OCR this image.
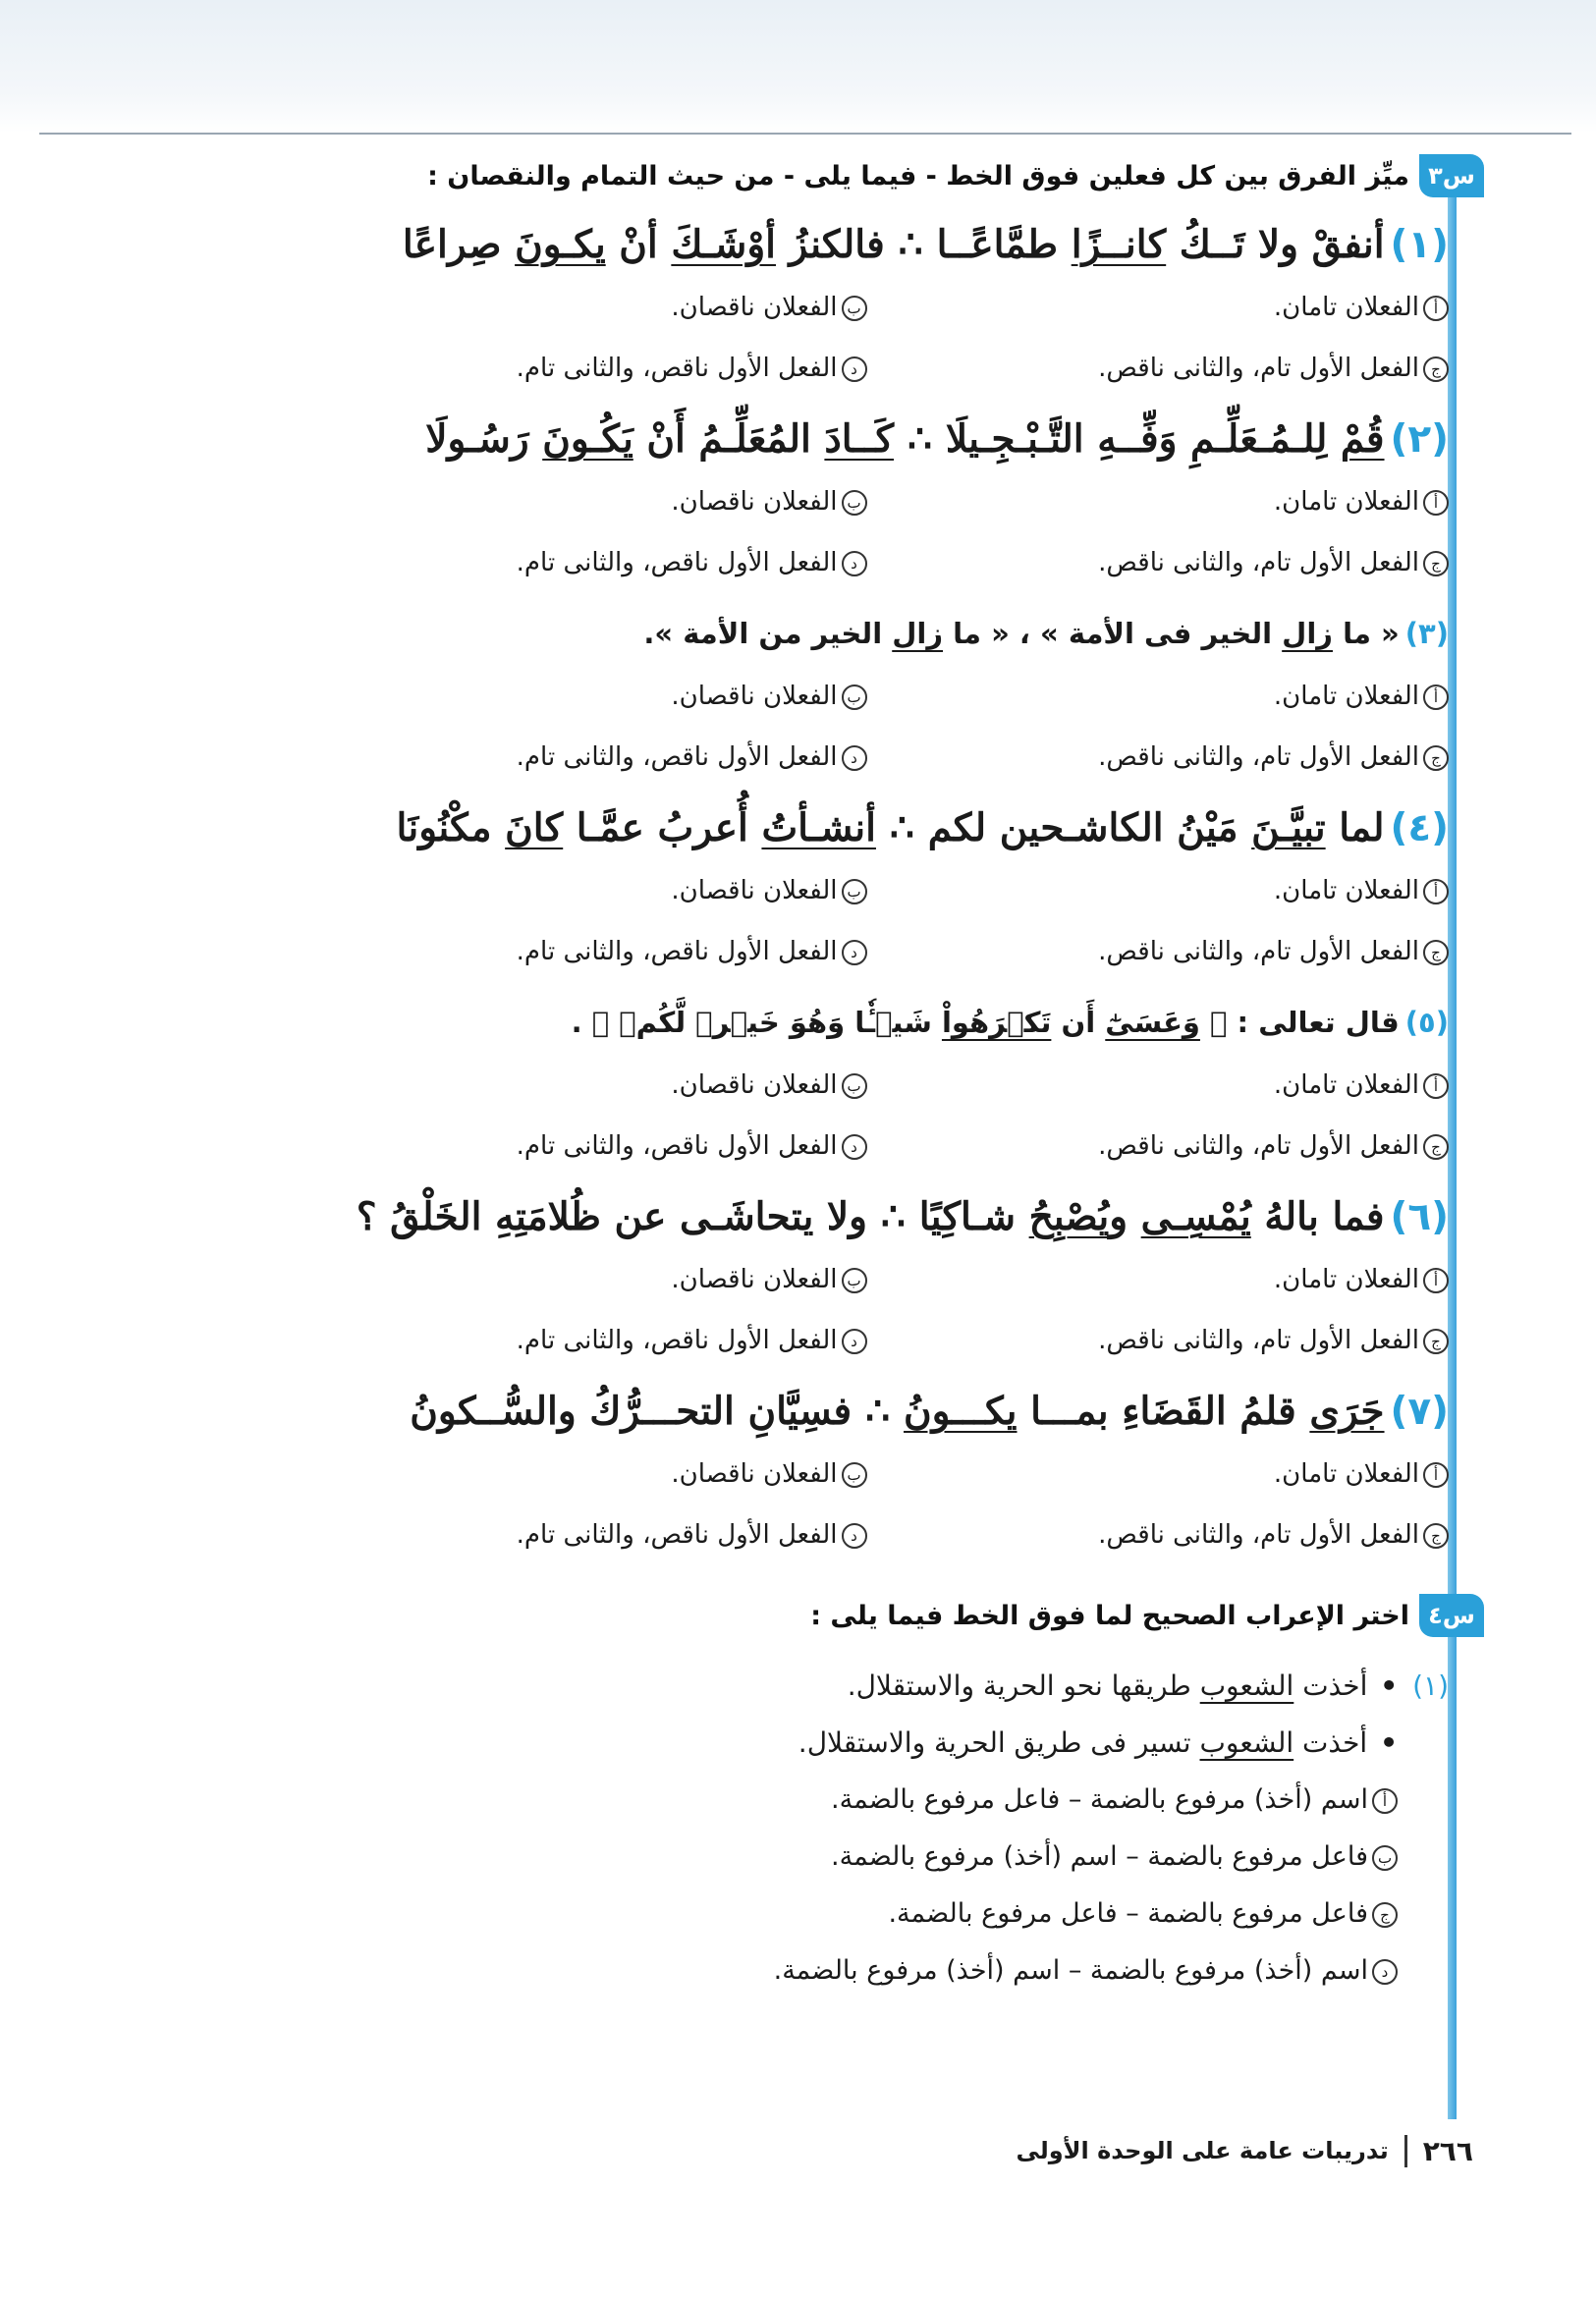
س٣
ميِّز الفرق بين كل فعلين فوق الخط - فيما يلى - من حيث التمام والنقصان :
(١)أنفقْ ولا تَــكُ كانــزًا طمَّاعًــا∴فالكنزُ أوْشَـكَ أنْ يكـونَ صِراعًا
أالفعلان تامان.
بالفعلان ناقصان.
جالفعل الأول تام، والثانى ناقص.
دالفعل الأول ناقص، والثانى تام.
(٢)قُمْ لِلـمُـعَلِّـمِ وَفِّــهِ التَّـبْـجِـيلَا∴كَــادَ المُعَلِّـمُ أَنْ يَكُـونَ رَسُـولَا
أالفعلان تامان.
بالفعلان ناقصان.
جالفعل الأول تام، والثانى ناقص.
دالفعل الأول ناقص، والثانى تام.
(٣)« ما زال الخير فى الأمة » ، « ما زال الخير من الأمة ».
أالفعلان تامان.
بالفعلان ناقصان.
جالفعل الأول تام، والثانى ناقص.
دالفعل الأول ناقص، والثانى تام.
(٤)لما تبيَّـنَ مَيْنُ الكاشـحين لكم∴أنشـأتُ أُعربُ عمَّـا كانَ مكْنُونَا
أالفعلان تامان.
بالفعلان ناقصان.
جالفعل الأول تام، والثانى ناقص.
دالفعل الأول ناقص، والثانى تام.
(٥)قال تعالى : ﴿ وَعَسَىٰٓ أَن تَكۡرَهُواْ شَيۡـٔٗا وَهُوَ خَيۡرٞ لَّكُمۡ ﴾ .
أالفعلان تامان.
بالفعلان ناقصان.
جالفعل الأول تام، والثانى ناقص.
دالفعل الأول ناقص، والثانى تام.
(٦)فما بالهُ يُمْسِـى ويُصْبِحُ شـاكِيًا∴ولا يتحاشَـى عن ظُلامَتِهِ الخَلْقُ ؟
أالفعلان تامان.
بالفعلان ناقصان.
جالفعل الأول تام، والثانى ناقص.
دالفعل الأول ناقص، والثانى تام.
(٧)جَرَى قلمُ القَضَاءِ بمـــا يكـــونُ∴فسِيَّانِ التحـــرُّكُ والسُّــكونُ
أالفعلان تامان.
بالفعلان ناقصان.
جالفعل الأول تام، والثانى ناقص.
دالفعل الأول ناقص، والثانى تام.
س٤
اختر الإعراب الصحيح لما فوق الخط فيما يلى :
(١) • أخذت الشعوب طريقها نحو الحرية والاستقلال.
• أخذت الشعوب تسير فى طريق الحرية والاستقلال.
أاسم (أخذ) مرفوع بالضمة – فاعل مرفوع بالضمة.
بفاعل مرفوع بالضمة – اسم (أخذ) مرفوع بالضمة.
جفاعل مرفوع بالضمة – فاعل مرفوع بالضمة.
داسم (أخذ) مرفوع بالضمة – اسم (أخذ) مرفوع بالضمة.
٢٦٦
تدريبات عامة على الوحدة الأولى
